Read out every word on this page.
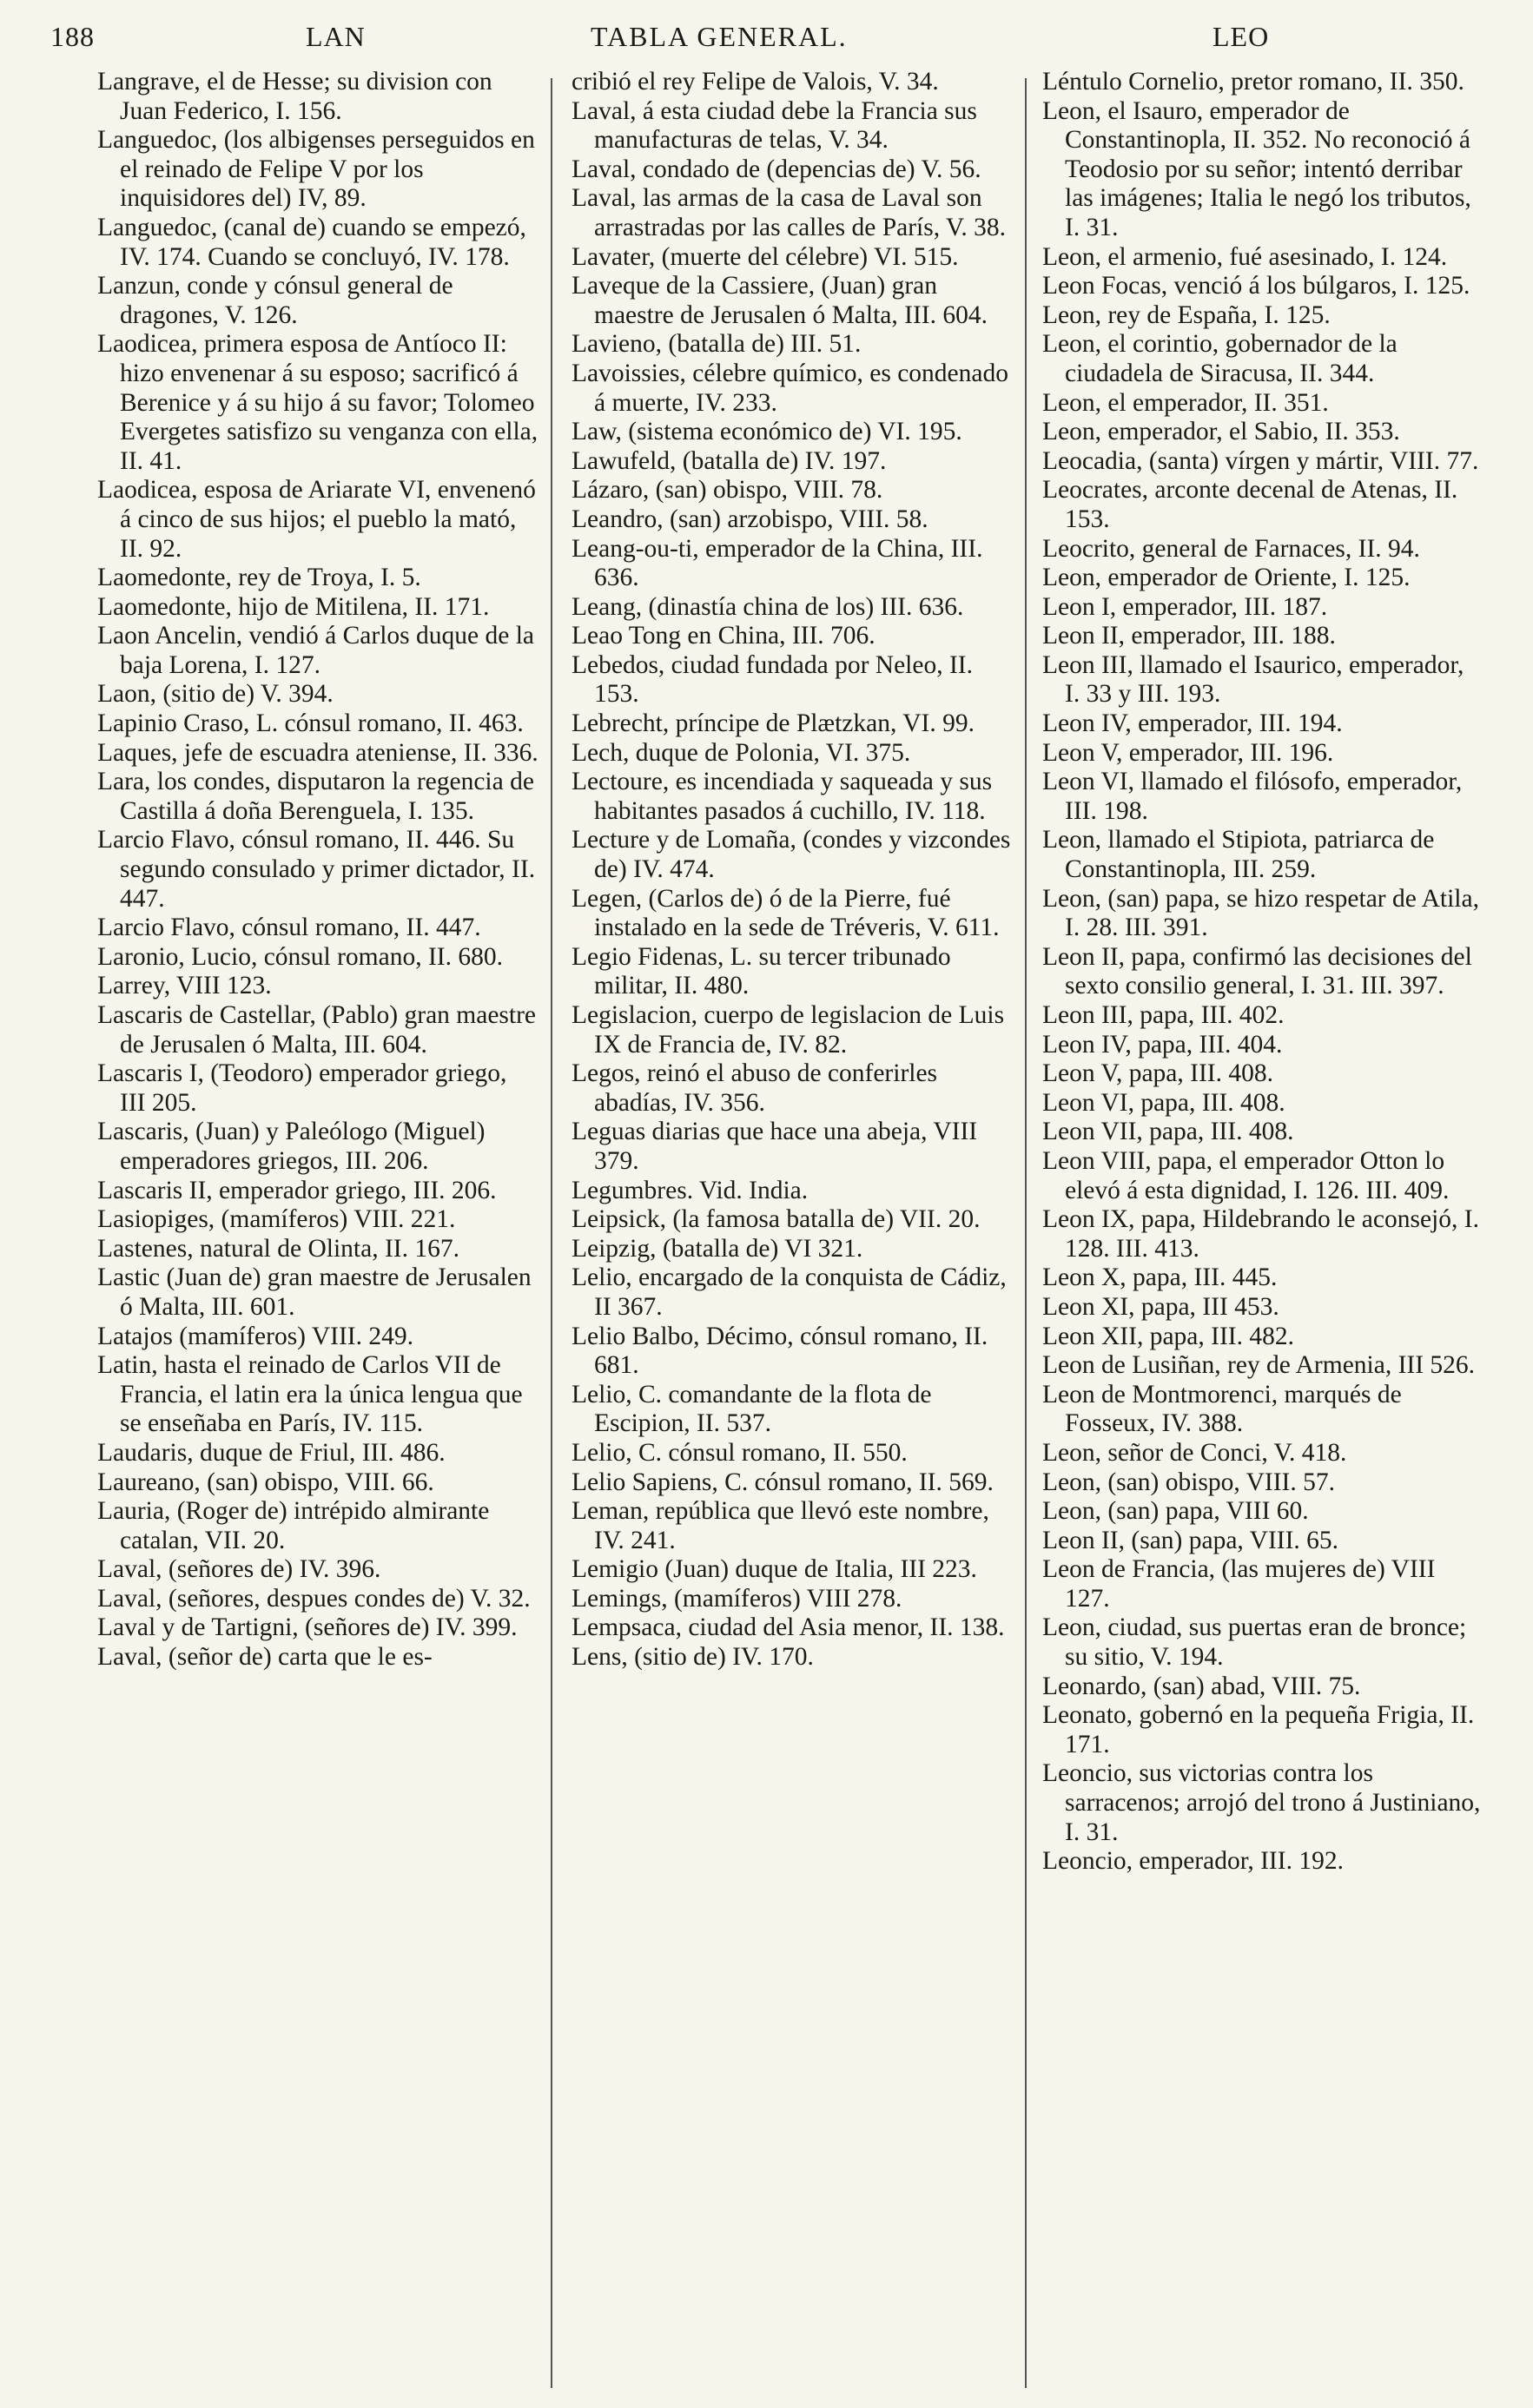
188	LAN	TABLA GENERAL.	LEO

Langrave, el de Hesse; su division con Juan Federico, I. 156.

Languedoc, (los albigenses perseguidos en el reinado de Felipe V por los inquisidores del) IV, 89.

Languedoc, (canal de) cuando se empezó, IV. 174. Cuando se concluyó, IV. 178.

Lanzun, conde y cónsul general de dragones, V. 126.

Laodicea, primera esposa de Antíoco II: hizo envenenar á su esposo; sacrificó á Berenice y á su hijo á su favor; Tolomeo Evergetes satisfizo su venganza con ella, II. 41.

Laodicea, esposa de Ariarate VI, envenenó á cinco de sus hijos; el pueblo la mató, II. 92.

Laomedonte, rey de Troya, I. 5.

Laomedonte, hijo de Mitilena, II. 171.

Laon Ancelin, vendió á Carlos duque de la baja Lorena, I. 127.

Laon, (sitio de) V. 394.

Lapinio Craso, L. cónsul romano, II. 463.

Laques, jefe de escuadra ateniense, II. 336.

Lara, los condes, disputaron la regencia de Castilla á doña Berenguela, I. 135.

Larcio Flavo, cónsul romano, II. 446. Su segundo consulado y primer dictador, II. 447.

Larcio Flavo, cónsul romano, II. 447.

Laronio, Lucio, cónsul romano, II. 680.

Larrey, VIII 123.

Lascaris de Castellar, (Pablo) gran maestre de Jerusalen ó Malta, III. 604.

Lascaris I, (Teodoro) emperador griego, III 205.

Lascaris, (Juan) y Paleólogo (Miguel) emperadores griegos, III. 206.

Lascaris II, emperador griego, III. 206.

Lasiopiges, (mamíferos) VIII. 221.

Lastenes, natural de Olinta, II. 167.

Lastic (Juan de) gran maestre de Jerusalen ó Malta, III. 601.

Latajos (mamíferos) VIII. 249.

Latin, hasta el reinado de Carlos VII de Francia, el latin era la única lengua que se enseñaba en París, IV. 115.

Laudaris, duque de Friul, III. 486.

Laureano, (san) obispo, VIII. 66.

Lauria, (Roger de) intrépido almirante catalan, VII. 20.

Laval, (señores de) IV. 396.

Laval, (señores, despues condes de) V. 32.

Laval y de Tartigni, (señores de) IV. 399.

Laval, (señor de) carta que le es-

cribió el rey Felipe de Valois, V. 34.

Laval, á esta ciudad debe la Francia sus manufacturas de telas, V. 34.

Laval, condado de (depencias de) V. 56.

Laval, las armas de la casa de Laval son arrastradas por las calles de París, V. 38.

Lavater, (muerte del célebre) VI. 515.

Laveque de la Cassiere, (Juan) gran maestre de Jerusalen ó Malta, III. 604.

Lavieno, (batalla de) III. 51.

Lavoissies, célebre químico, es condenado á muerte, IV. 233.

Law, (sistema económico de) VI. 195.

Lawufeld, (batalla de) IV. 197.

Lázaro, (san) obispo, VIII. 78.

Leandro, (san) arzobispo, VIII. 58.

Leang-ou-ti, emperador de la China, III. 636.

Leang, (dinastía china de los) III. 636.

Leao Tong en China, III. 706.

Lebedos, ciudad fundada por Neleo, II. 153.

Lebrecht, príncipe de Plætzkan, VI. 99.

Lech, duque de Polonia, VI. 375.

Lectoure, es incendiada y saqueada y sus habitantes pasados á cuchillo, IV. 118.

Lecture y de Lomaña, (condes y vizcondes de) IV. 474.

Legen, (Carlos de) ó de la Pierre, fué instalado en la sede de Tréveris, V. 611.

Legio Fidenas, L. su tercer tribunado militar, II. 480.

Legislacion, cuerpo de legislacion de Luis IX de Francia de, IV. 82.

Legos, reinó el abuso de conferirles abadías, IV. 356.

Leguas diarias que hace una abeja, VIII 379.

Legumbres. Vid. India.

Leipsick, (la famosa batalla de) VII. 20.

Leipzig, (batalla de) VI 321.

Lelio, encargado de la conquista de Cádiz, II 367.

Lelio Balbo, Décimo, cónsul romano, II. 681.

Lelio, C. comandante de la flota de Escipion, II. 537.

Lelio, C. cónsul romano, II. 550.

Lelio Sapiens, C. cónsul romano, II. 569.

Leman, república que llevó este nombre, IV. 241.

Lemigio (Juan) duque de Italia, III 223.

Lemings, (mamíferos) VIII 278.

Lempsaca, ciudad del Asia menor, II. 138.

Lens, (sitio de) IV. 170.

Léntulo Cornelio, pretor romano, II. 350.

Leon, el Isauro, emperador de Constantinopla, II. 352. No reconoció á Teodosio por su señor; intentó derribar las imágenes; Italia le negó los tributos, I. 31.

Leon, el armenio, fué asesinado, I. 124.

Leon Focas, venció á los búlgaros, I. 125.

Leon, rey de España, I. 125.

Leon, el corintio, gobernador de la ciudadela de Siracusa, II. 344.

Leon, el emperador, II. 351.

Leon, emperador, el Sabio, II. 353.

Leocadia, (santa) vírgen y mártir, VIII. 77.

Leocrates, arconte decenal de Atenas, II. 153.

Leocrito, general de Farnaces, II. 94.

Leon, emperador de Oriente, I. 125.

Leon I, emperador, III. 187.

Leon II, emperador, III. 188.

Leon III, llamado el Isaurico, emperador, I. 33 y III. 193.

Leon IV, emperador, III. 194.

Leon V, emperador, III. 196.

Leon VI, llamado el filósofo, emperador, III. 198.

Leon, llamado el Stipiota, patriarca de Constantinopla, III. 259.

Leon, (san) papa, se hizo respetar de Atila, I. 28. III. 391.

Leon II, papa, confirmó las decisiones del sexto consilio general, I. 31. III. 397.

Leon III, papa, III. 402.

Leon IV, papa, III. 404.

Leon V, papa, III. 408.

Leon VI, papa, III. 408.

Leon VII, papa, III. 408.

Leon VIII, papa, el emperador Otton lo elevó á esta dignidad, I. 126. III. 409.

Leon IX, papa, Hildebrando le aconsejó, I. 128. III. 413.

Leon X, papa, III. 445.

Leon XI, papa, III 453.

Leon XII, papa, III. 482.

Leon de Lusiñan, rey de Armenia, III 526.

Leon de Montmorenci, marqués de Fosseux, IV. 388.

Leon, señor de Conci, V. 418.

Leon, (san) obispo, VIII. 57.

Leon, (san) papa, VIII 60.

Leon II, (san) papa, VIII. 65.

Leon de Francia, (las mujeres de) VIII 127.

Leon, ciudad, sus puertas eran de bronce; su sitio, V. 194.

Leonardo, (san) abad, VIII. 75.

Leonato, gobernó en la pequeña Frigia, II. 171.

Leoncio, sus victorias contra los sarracenos; arrojó del trono á Justiniano, I. 31.

Leoncio, emperador, III. 192.
